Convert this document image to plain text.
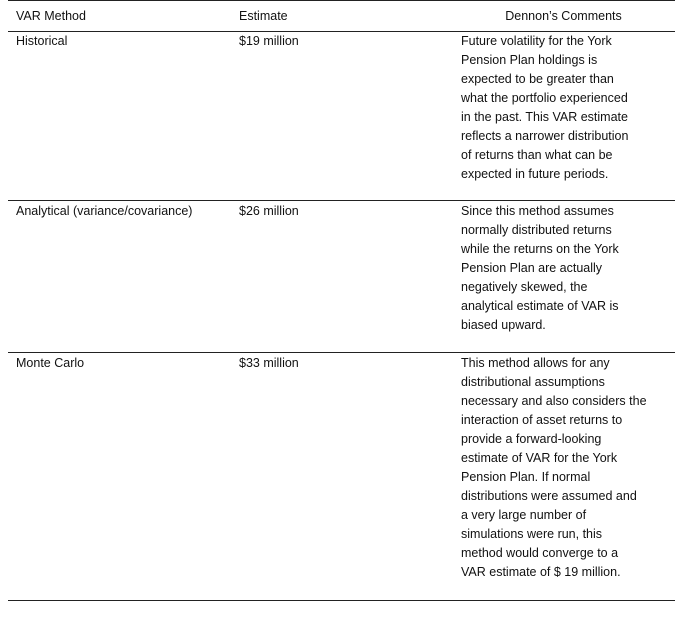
VAR Method	Estimate	Dennon’s Comments
Historical	$19 million	Future volatility for the York
Pension Plan holdings is
expected to be greater than
what the portfolio experienced
in the past. This VAR estimate
reflects a narrower distribution
of returns than what can be
expected in future periods.
Analytical (variance/covariance)	$26 million	Since this method assumes
normally distributed returns
while the returns on the York
Pension Plan are actually
negatively skewed, the
analytical estimate of VAR is
biased upward.
Monte Carlo	$33 million	This method allows for any
distributional assumptions
necessary and also considers the
interaction of asset returns to
provide a forward-looking
estimate of VAR for the York
Pension Plan. If normal
distributions were assumed and
a very large number of
simulations were run, this
method would converge to a
VAR estimate of $ 19 million.
